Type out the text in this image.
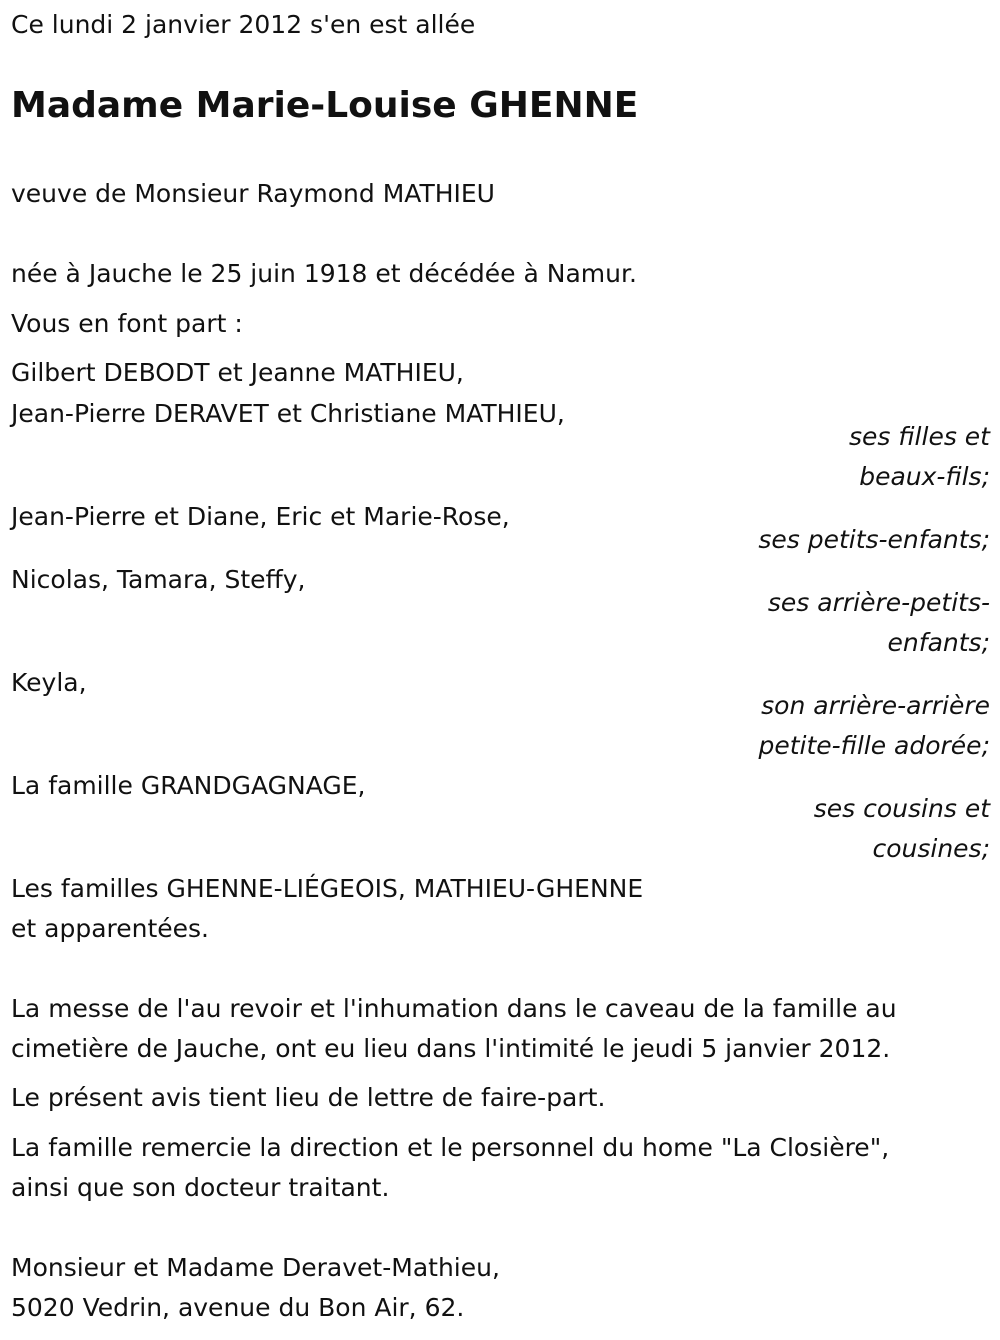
Ce lundi 2 janvier 2012 s'en est allée
Madame Marie-Louise GHENNE
veuve de Monsieur Raymond MATHIEU
née à Jauche le 25 juin 1918 et décédée à Namur.
Vous en font part :
Gilbert DEBODT et Jeanne MATHIEU,
Jean-Pierre DERAVET et Christiane MATHIEU,
ses filles et
beaux-fils;
Jean-Pierre et Diane, Eric et Marie-Rose,
ses petits-enfants;
Nicolas, Tamara, Steffy,
ses arrière-petits-
enfants;
Keyla,
son arrière-arrière
petite-fille adorée;
La famille GRANDGAGNAGE,
ses cousins et
cousines;
Les familles GHENNE-LIÉGEOIS, MATHIEU-GHENNE
et apparentées.
La messe de l'au revoir et l'inhumation dans le caveau de la famille au
cimetière de Jauche, ont eu lieu dans l'intimité le jeudi 5 janvier 2012.
Le présent avis tient lieu de lettre de faire-part.
La famille remercie la direction et le personnel du home "La Closière",
ainsi que son docteur traitant.
Monsieur et Madame Deravet-Mathieu,
5020 Vedrin, avenue du Bon Air, 62.
